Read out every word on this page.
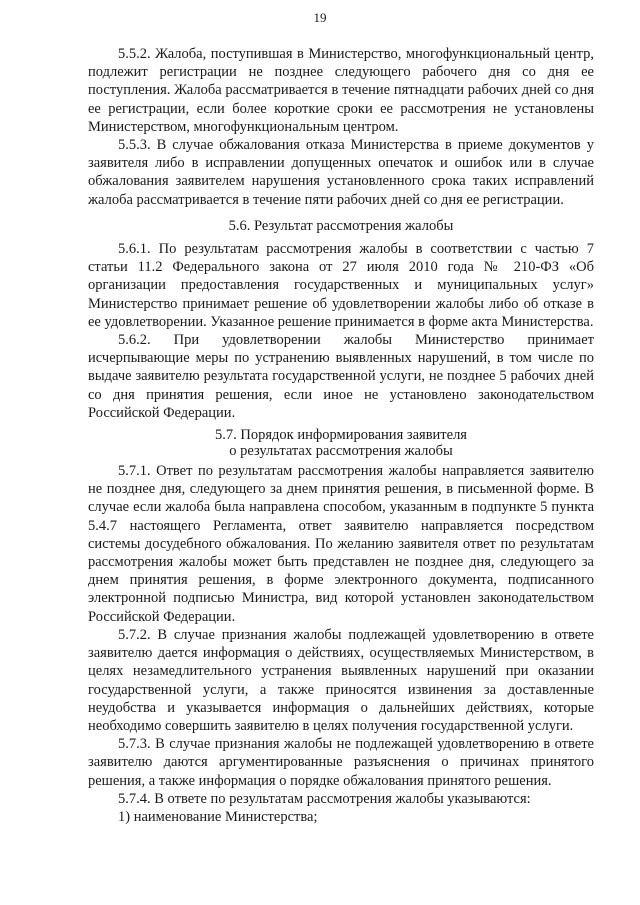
19

5.5.2. Жалоба, поступившая в Министерство, многофункциональный центр, подлежит регистрации не позднее следующего рабочего дня со дня ее поступления. Жалоба рассматривается в течение пятнадцати рабочих дней со дня ее регистрации, если более короткие сроки ее рассмотрения не установлены Министерством, многофункциональным центром.

5.5.3. В случае обжалования отказа Министерства в приеме документов у заявителя либо в исправлении допущенных опечаток и ошибок или в случае обжалования заявителем нарушения установленного срока таких исправлений жалоба рассматривается в течение пяти рабочих дней со дня ее регистрации.

5.6. Результат рассмотрения жалобы

5.6.1. По результатам рассмотрения жалобы в соответствии с частью 7 статьи 11.2 Федерального закона от 27 июля 2010 года № 210-ФЗ «Об организации предоставления государственных и муниципальных услуг» Министерство принимает решение об удовлетворении жалобы либо об отказе в ее удовлетворении. Указанное решение принимается в форме акта Министерства.

5.6.2. При удовлетворении жалобы Министерство принимает исчерпывающие меры по устранению выявленных нарушений, в том числе по выдаче заявителю результата государственной услуги, не позднее 5 рабочих дней со дня принятия решения, если иное не установлено законодательством Российской Федерации.

5.7. Порядок информирования заявителя
о результатах рассмотрения жалобы

5.7.1. Ответ по результатам рассмотрения жалобы направляется заявителю не позднее дня, следующего за днем принятия решения, в письменной форме. В случае если жалоба была направлена способом, указанным в подпункте 5 пункта 5.4.7 настоящего Регламента, ответ заявителю направляется посредством системы досудебного обжалования. По желанию заявителя ответ по результатам рассмотрения жалобы может быть представлен не позднее дня, следующего за днем принятия решения, в форме электронного документа, подписанного электронной подписью Министра, вид которой установлен законодательством Российской Федерации.

5.7.2. В случае признания жалобы подлежащей удовлетворению в ответе заявителю дается информация о действиях, осуществляемых Министерством, в целях незамедлительного устранения выявленных нарушений при оказании государственной услуги, а также приносятся извинения за доставленные неудобства и указывается информация о дальнейших действиях, которые необходимо совершить заявителю в целях получения государственной услуги.

5.7.3. В случае признания жалобы не подлежащей удовлетворению в ответе заявителю даются аргументированные разъяснения о причинах принятого решения, а также информация о порядке обжалования принятого решения.

5.7.4. В ответе по результатам рассмотрения жалобы указываются:

1) наименование Министерства;
